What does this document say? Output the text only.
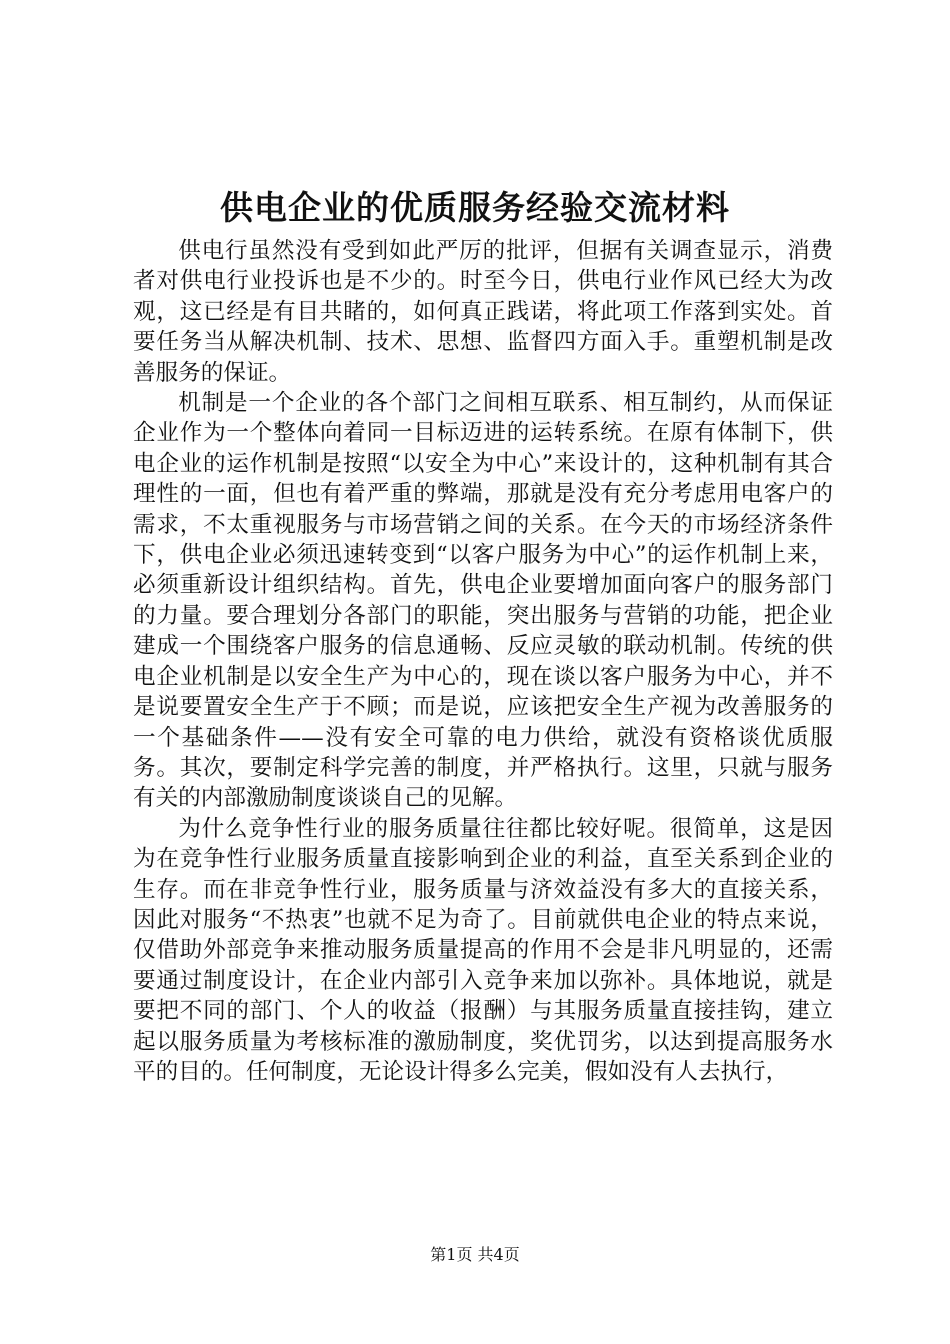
供电企业的优质服务经验交流材料

供电行虽然没有受到如此严厉的批评，但据有关调查显示，消费者对供电行业投诉也是不少的。时至今日，供电行业作风已经大为改观，这已经是有目共睹的，如何真正践诺，将此项工作落到实处。首要任务当从解决机制、技术、思想、监督四方面入手。重塑机制是改善服务的保证。

机制是一个企业的各个部门之间相互联系、相互制约，从而保证企业作为一个整体向着同一目标迈进的运转系统。在原有体制下，供电企业的运作机制是按照“以安全为中心”来设计的，这种机制有其合理性的一面，但也有着严重的弊端，那就是没有充分考虑用电客户的需求，不太重视服务与市场营销之间的关系。在今天的市场经济条件下，供电企业必须迅速转变到“以客户服务为中心”的运作机制上来，必须重新设计组织结构。首先，供电企业要增加面向客户的服务部门的力量。要合理划分各部门的职能，突出服务与营销的功能，把企业建成一个围绕客户服务的信息通畅、反应灵敏的联动机制。传统的供电企业机制是以安全生产为中心的，现在谈以客户服务为中心，并不是说要置安全生产于不顾；而是说，应该把安全生产视为改善服务的一个基础条件——没有安全可靠的电力供给，就没有资格谈优质服务。其次，要制定科学完善的制度，并严格执行。这里，只就与服务有关的内部激励制度谈谈自己的见解。

为什么竞争性行业的服务质量往往都比较好呢。很简单，这是因为在竞争性行业服务质量直接影响到企业的利益，直至关系到企业的生存。而在非竞争性行业，服务质量与济效益没有多大的直接关系，因此对服务“不热衷”也就不足为奇了。目前就供电企业的特点来说，仅借助外部竞争来推动服务质量提高的作用不会是非凡明显的，还需要通过制度设计，在企业内部引入竞争来加以弥补。具体地说，就是要把不同的部门、个人的收益（报酬）与其服务质量直接挂钩，建立起以服务质量为考核标准的激励制度，奖优罚劣，以达到提高服务水平的目的。任何制度，无论设计得多么完美，假如没有人去执行，

第1页 共4页
